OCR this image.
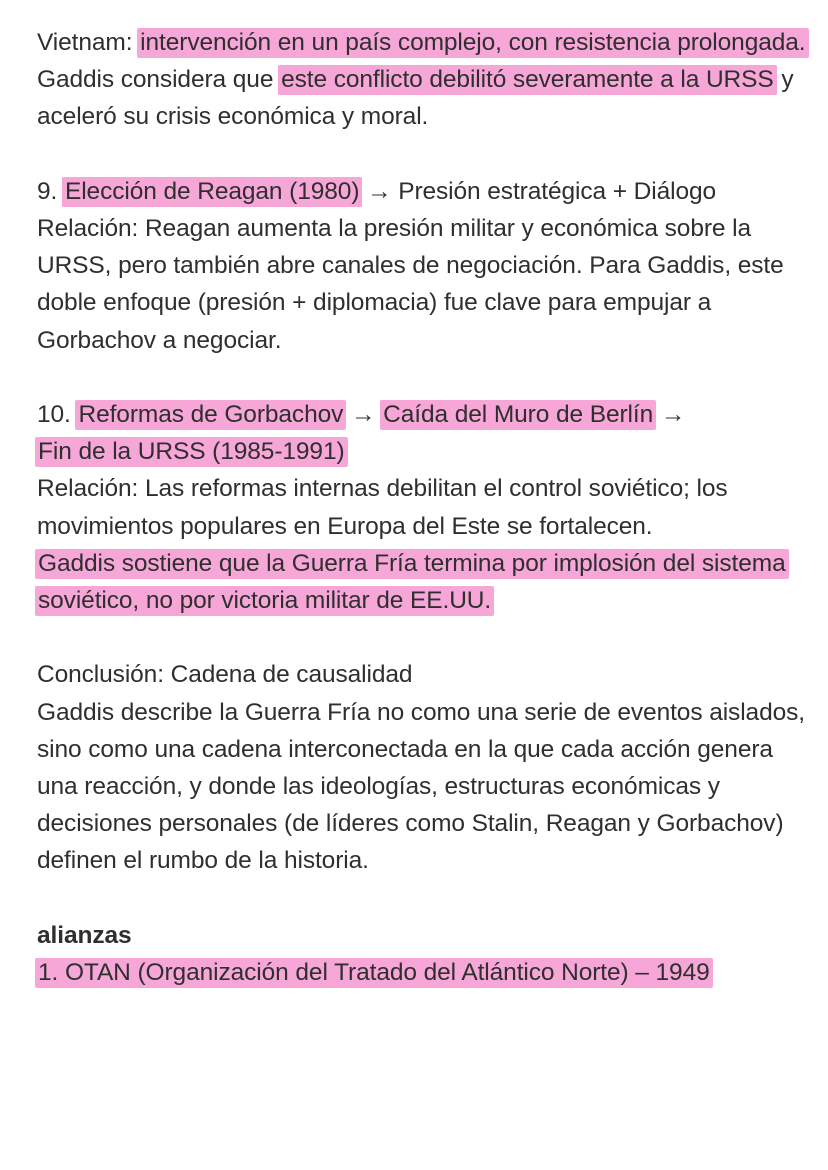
Vietnam: intervención en un país complejo, con resistencia prolongada.
Gaddis considera que este conflicto debilitó severamente a la URSS y aceleró su crisis económica y moral.

9. Elección de Reagan (1980) → Presión estratégica + Diálogo
Relación: Reagan aumenta la presión militar y económica sobre la URSS, pero también abre canales de negociación. Para Gaddis, este doble enfoque (presión + diplomacia) fue clave para empujar a Gorbachov a negociar.

10. Reformas de Gorbachov → Caída del Muro de Berlín →
Fin de la URSS (1985-1991)
Relación: Las reformas internas debilitan el control soviético; los movimientos populares en Europa del Este se fortalecen.
Gaddis sostiene que la Guerra Fría termina por implosión del sistema soviético, no por victoria militar de EE.UU.

Conclusión: Cadena de causalidad
Gaddis describe la Guerra Fría no como una serie de eventos aislados, sino como una cadena interconectada en la que cada acción genera una reacción, y donde las ideologías, estructuras económicas y decisiones personales (de líderes como Stalin, Reagan y Gorbachov) definen el rumbo de la historia.

alianzas
1. OTAN (Organización del Tratado del Atlántico Norte) – 1949
